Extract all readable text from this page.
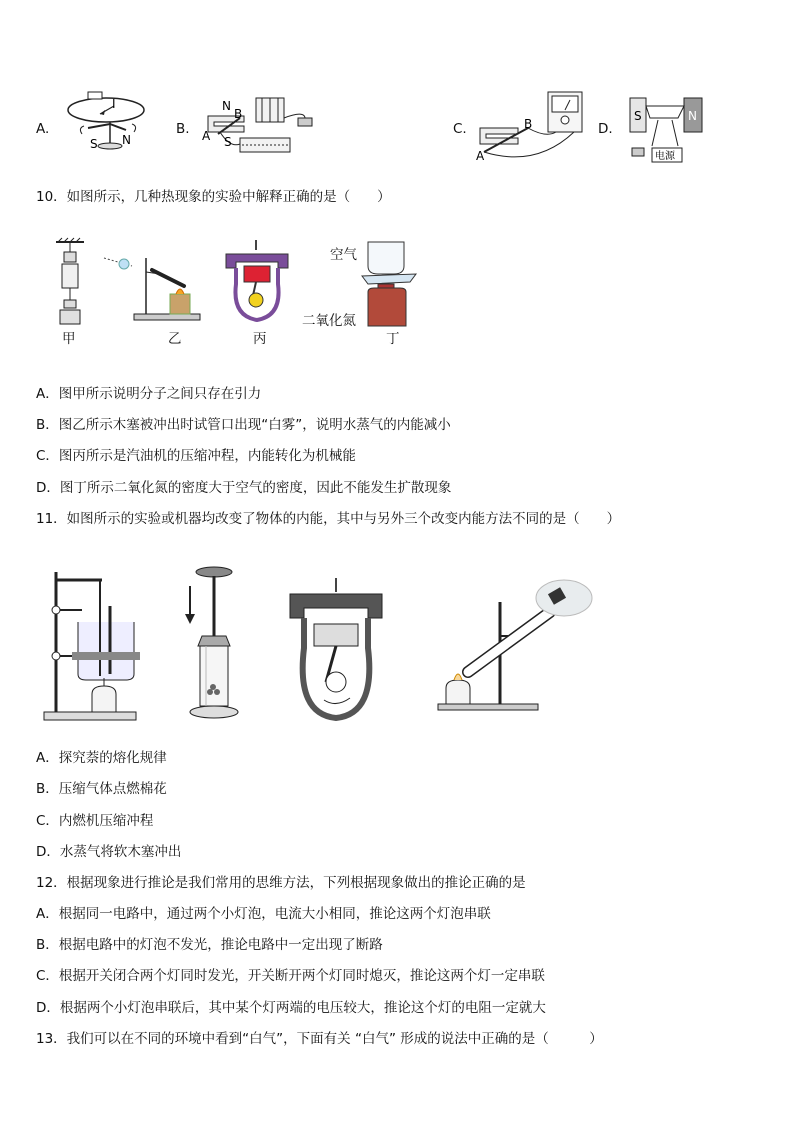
A.	B.	C.	D.
I
S N
N
S
A
B
A
B
S	N
电源
10．如图所示，几种热现象的实验中解释正确的是（　　）
甲	乙	丙
空气
二氧化氮
丁
A．图甲所示说明分子之间只存在引力
B．图乙所示木塞被冲出时试管口出现“白雾”，说明水蒸气的内能减小
C．图丙所示是汽油机的压缩冲程，内能转化为机械能
D．图丁所示二氧化氮的密度大于空气的密度，因此不能发生扩散现象
11．如图所示的实验或机器均改变了物体的内能，其中与另外三个改变内能方法不同的是（　　）
A．探究萘的熔化规律
B．压缩气体点燃棉花
C．内燃机压缩冲程
D．水蒸气将软木塞冲出
12．根据现象进行推论是我们常用的思维方法，下列根据现象做出的推论正确的是
A．根据同一电路中，通过两个小灯泡，电流大小相同，推论这两个灯泡串联
B．根据电路中的灯泡不发光，推论电路中一定出现了断路
C．根据开关闭合两个灯同时发光，开关断开两个灯同时熄灭，推论这两个灯一定串联
D．根据两个小灯泡串联后，其中某个灯两端的电压较大，推论这个灯的电阻一定就大
13．我们可以在不同的环境中看到“白气”，下面有关 “白气” 形成的说法中正确的是（　　　）
